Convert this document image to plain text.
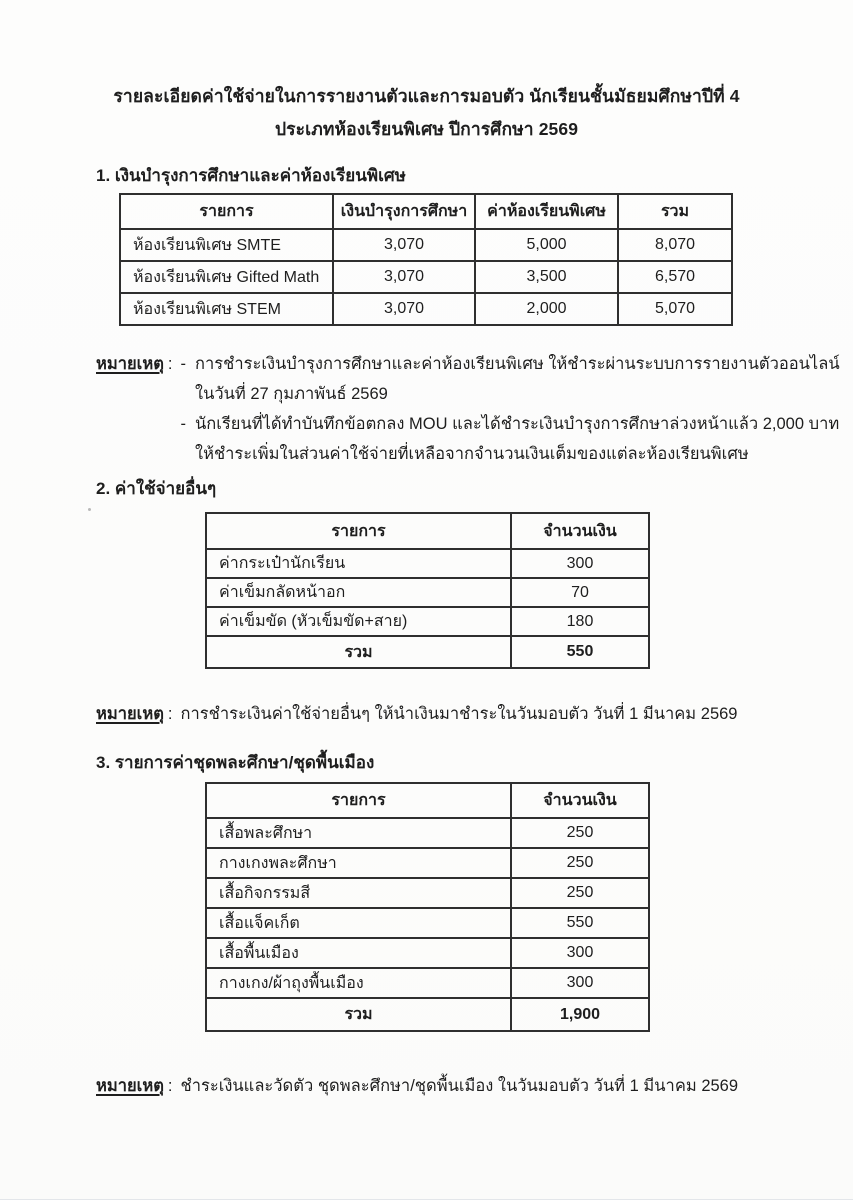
รายละเอียดค่าใช้จ่ายในการรายงานตัวและการมอบตัว นักเรียนชั้นมัธยมศึกษาปีที่ 4
ประเภทห้องเรียนพิเศษ ปีการศึกษา 2569
1. เงินบำรุงการศึกษาและค่าห้องเรียนพิเศษ
รายการ	เงินบำรุงการศึกษา	ค่าห้องเรียนพิเศษ	รวม
ห้องเรียนพิเศษ SMTE	3,070	5,000	8,070
ห้องเรียนพิเศษ Gifted Math	3,070	3,500	6,570
ห้องเรียนพิเศษ STEM	3,070	2,000	5,070
หมายเหตุ : - การชำระเงินบำรุงการศึกษาและค่าห้องเรียนพิเศษ ให้ชำระผ่านระบบการรายงานตัวออนไลน์
ในวันที่ 27 กุมภาพันธ์ 2569
- นักเรียนที่ได้ทำบันทึกข้อตกลง MOU และได้ชำระเงินบำรุงการศึกษาล่วงหน้าแล้ว 2,000 บาท
ให้ชำระเพิ่มในส่วนค่าใช้จ่ายที่เหลือจากจำนวนเงินเต็มของแต่ละห้องเรียนพิเศษ
2. ค่าใช้จ่ายอื่นๆ
รายการ	จำนวนเงิน
ค่ากระเป๋านักเรียน	300
ค่าเข็มกลัดหน้าอก	70
ค่าเข็มขัด (หัวเข็มขัด+สาย)	180
รวม	550
หมายเหตุ : การชำระเงินค่าใช้จ่ายอื่นๆ ให้นำเงินมาชำระในวันมอบตัว วันที่ 1 มีนาคม 2569
3. รายการค่าชุดพละศึกษา/ชุดพื้นเมือง
รายการ	จำนวนเงิน
เสื้อพละศึกษา	250
กางเกงพละศึกษา	250
เสื้อกิจกรรมสี	250
เสื้อแจ็คเก็ต	550
เสื้อพื้นเมือง	300
กางเกง/ผ้าถุงพื้นเมือง	300
รวม	1,900
หมายเหตุ : ชำระเงินและวัดตัว ชุดพละศึกษา/ชุดพื้นเมือง ในวันมอบตัว วันที่ 1 มีนาคม 2569
